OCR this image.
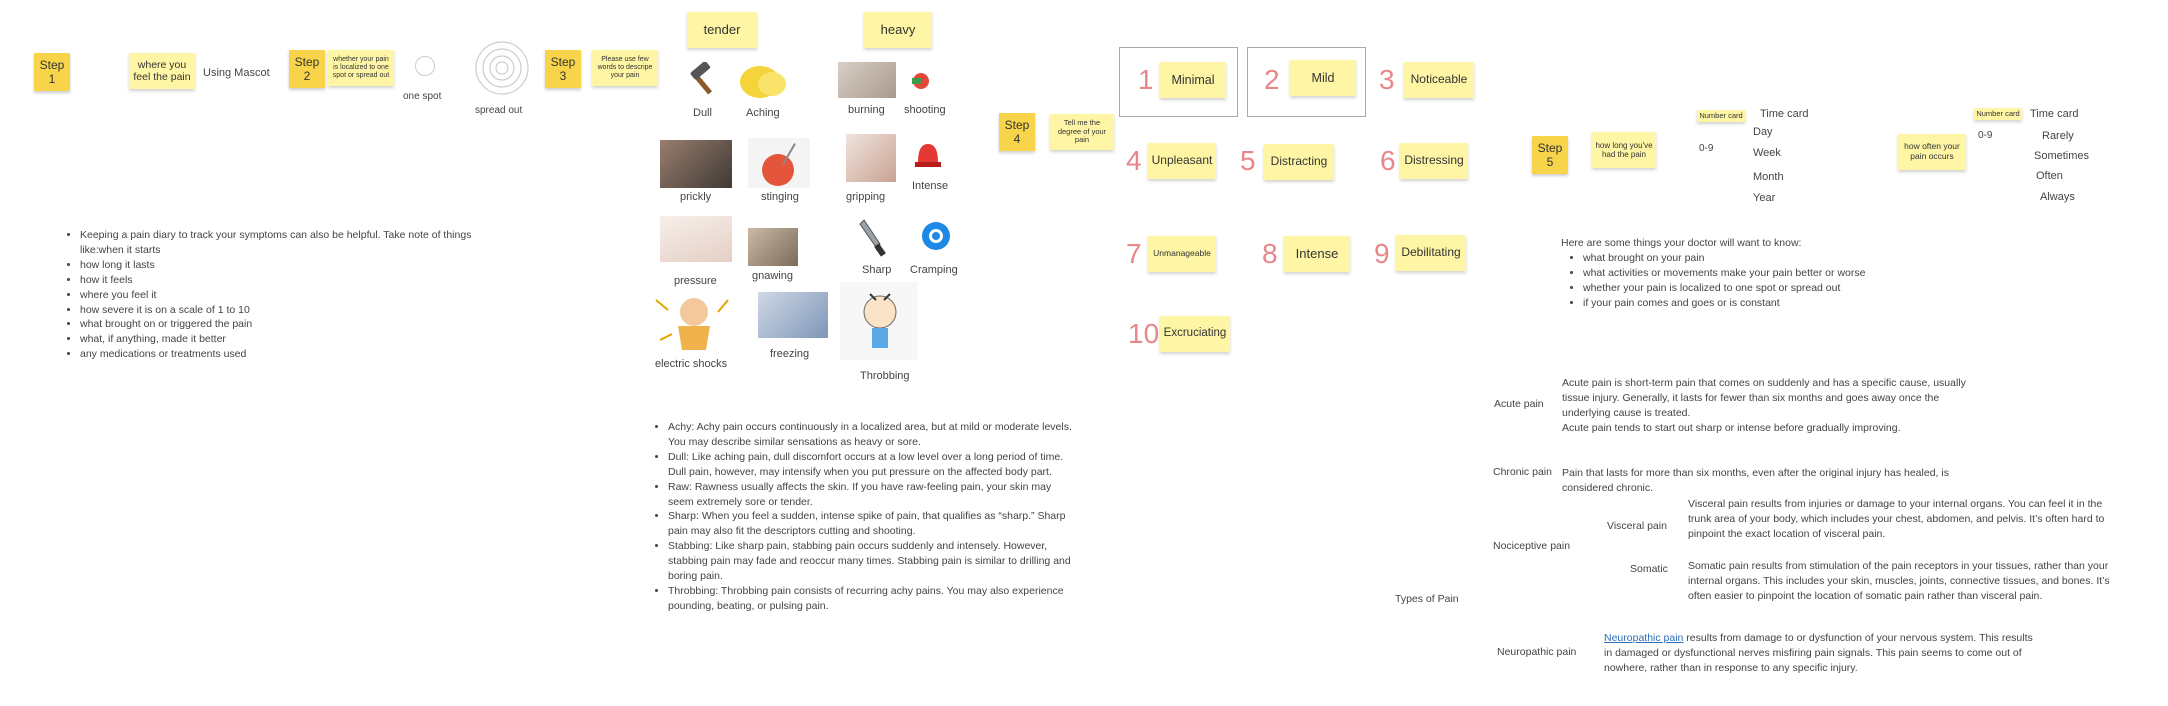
Step
1
where you feel the pain	Using Mascot
Step
2
whether your pain is localized to one spot or spread out
one spot
spread out
Step
3
Please use few words to descripe your pain
• Keeping a pain diary to track your symptoms can also be helpful. Take note of things like:when it starts
• how long it lasts
• how it feels
• where you feel it
• how severe it is on a scale of 1 to 10
• what brought on or triggered the pain
• what, if anything, made it better
• any medications or treatments used
tender	heavy
Dull	Aching	burning shooting
prickly	stinging	gripping
Intense
pressure	gnawing	Sharp Cramping
electric shocks
freezing
Throbbing
• Achy: Achy pain occurs continuously in a localized area, but at mild or moderate levels. You may describe similar sensations as heavy or sore.
• Dull: Like aching pain, dull discomfort occurs at a low level over a long period of time. Dull pain, however, may intensify when you put pressure on the affected body part.
• Raw: Rawness usually affects the skin. If you have raw-feeling pain, your skin may seem extremely sore or tender.
• Sharp: When you feel a sudden, intense spike of pain, that qualifies as “sharp.” Sharp pain may also fit the descriptors cutting and shooting.
• Stabbing: Like sharp pain, stabbing pain occurs suddenly and intensely. However, stabbing pain may fade and reoccur many times. Stabbing pain is similar to drilling and boring pain.
• Throbbing: Throbbing pain consists of recurring achy pains. You may also experience pounding, beating, or pulsing pain.
Step
4
Tell me the degree of your pain
1	Minimal	2	Mild	3	Noticeable
4 Unpleasant 5	Distracting 6 Distressing
7	Unmanageable 8	Intense	9 Debilitating
10 Excruciating
Step
5
how long you've had the pain
Number card
0-9
Time card
Day
Week
Month
Year
how often your pain occurs
Number card
0-9
Time card
Rarely
Sometimes
Often
Always
Here are some things your doctor will want to know:
• what brought on your pain
• what activities or movements make your pain better or worse
• whether your pain is localized to one spot or spread out
• if your pain comes and goes or is constant
Types of Pain
Acute pain
Acute pain is short-term pain that comes on suddenly and has a specific cause, usually tissue injury. Generally, it lasts for fewer than six months and goes away once the underlying cause is treated.
Acute pain tends to start out sharp or intense before gradually improving.
Chronic pain Pain that lasts for more than six months, even after the original injury has healed, is considered chronic.
Nociceptive pain
Visceral pain
Visceral pain results from injuries or damage to your internal organs. You can feel it in the trunk area of your body, which includes your chest, abdomen, and pelvis. It’s often hard to pinpoint the exact location of visceral pain.
Somatic Somatic pain results from stimulation of the pain receptors in your tissues, rather than your internal organs. This includes your skin, muscles, joints, connective tissues, and bones. It’s often easier to pinpoint the location of somatic pain rather than visceral pain.
Neuropathic pain
Neuropathic pain results from damage to or dysfunction of your nervous system. This results in damaged or dysfunctional nerves misfiring pain signals. This pain seems to come out of nowhere, rather than in response to any specific injury.
